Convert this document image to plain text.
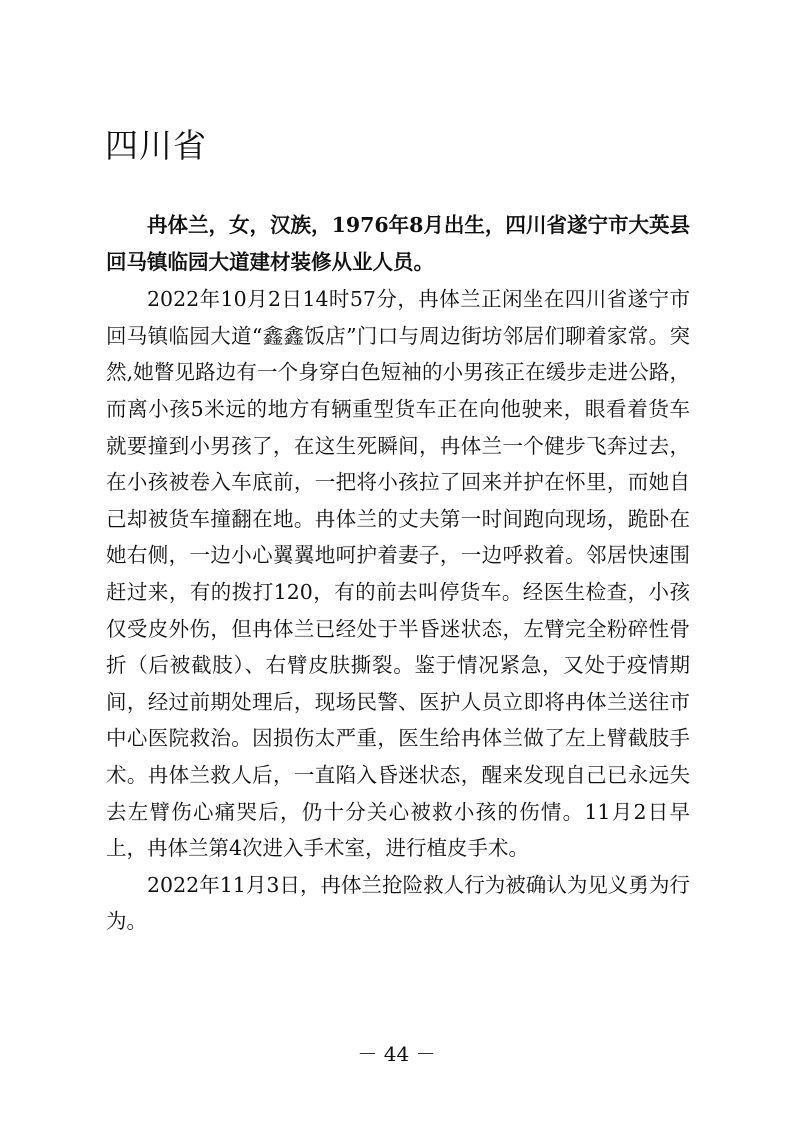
四川省

冉体兰，女，汉族，1976年8月出生，四川省遂宁市大英县回马镇临园大道建材装修从业人员。

2022年10月2日14时57分，冉体兰正闲坐在四川省遂宁市回马镇临园大道“鑫鑫饭店”门口与周边街坊邻居们聊着家常。突然,她瞥见路边有一个身穿白色短袖的小男孩正在缓步走进公路，而离小孩5米远的地方有辆重型货车正在向他驶来，眼看着货车就要撞到小男孩了，在这生死瞬间，冉体兰一个健步飞奔过去，在小孩被卷入车底前，一把将小孩拉了回来并护在怀里，而她自己却被货车撞翻在地。冉体兰的丈夫第一时间跑向现场，跪卧在她右侧，一边小心翼翼地呵护着妻子，一边呼救着。邻居快速围赶过来，有的拨打120，有的前去叫停货车。经医生检查，小孩仅受皮外伤，但冉体兰已经处于半昏迷状态，左臂完全粉碎性骨折（后被截肢）、右臂皮肤撕裂。鉴于情况紧急，又处于疫情期间，经过前期处理后，现场民警、医护人员立即将冉体兰送往市中心医院救治。因损伤太严重，医生给冉体兰做了左上臂截肢手术。冉体兰救人后，一直陷入昏迷状态，醒来发现自己已永远失去左臂伤心痛哭后，仍十分关心被救小孩的伤情。11月2日早上，冉体兰第4次进入手术室，进行植皮手术。

2022年11月3日，冉体兰抢险救人行为被确认为见义勇为行为。

－ 44 －
